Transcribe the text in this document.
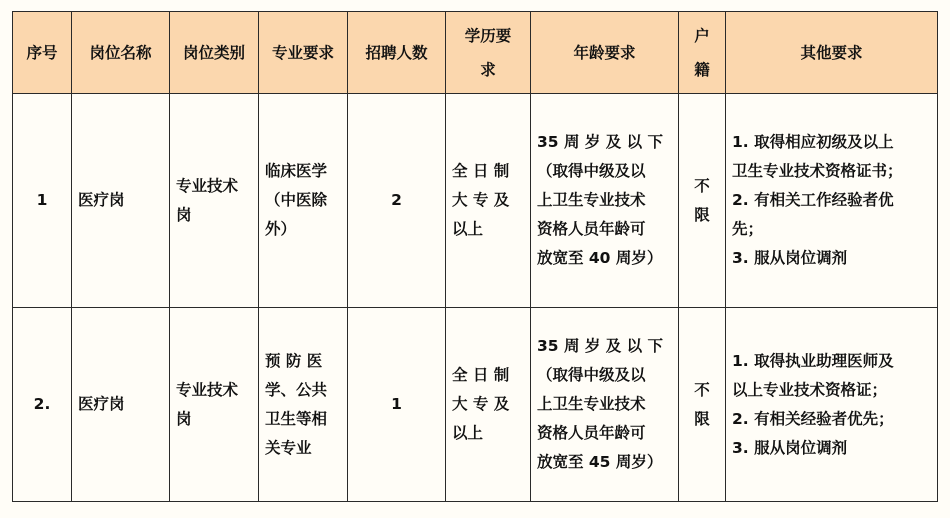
序号	岗位名称	岗位类别	专业要求	招聘人数	学历要
求	年龄要求	户
籍	其他要求
1	医疗岗	专业技术
岗	临床医学
（中医除
外）	2	全 日 制
大 专 及
以上	35 周 岁 及 以 下
（取得中级及以
上卫生专业技术
资格人员年龄可
放宽至 40 周岁）	不
限	1. 取得相应初级及以上
卫生专业技术资格证书；
2. 有相关工作经验者优
先；
3. 服从岗位调剂

2.	医疗岗	专业技术
岗	预 防 医
学、公共
卫生等相
关专业	1	全 日 制
大 专 及
以上	35 周 岁 及 以 下
（取得中级及以
上卫生专业技术
资格人员年龄可
放宽至 45 周岁）	不
限	1. 取得执业助理医师及
以上专业技术资格证；
2. 有相关经验者优先；
3. 服从岗位调剂
